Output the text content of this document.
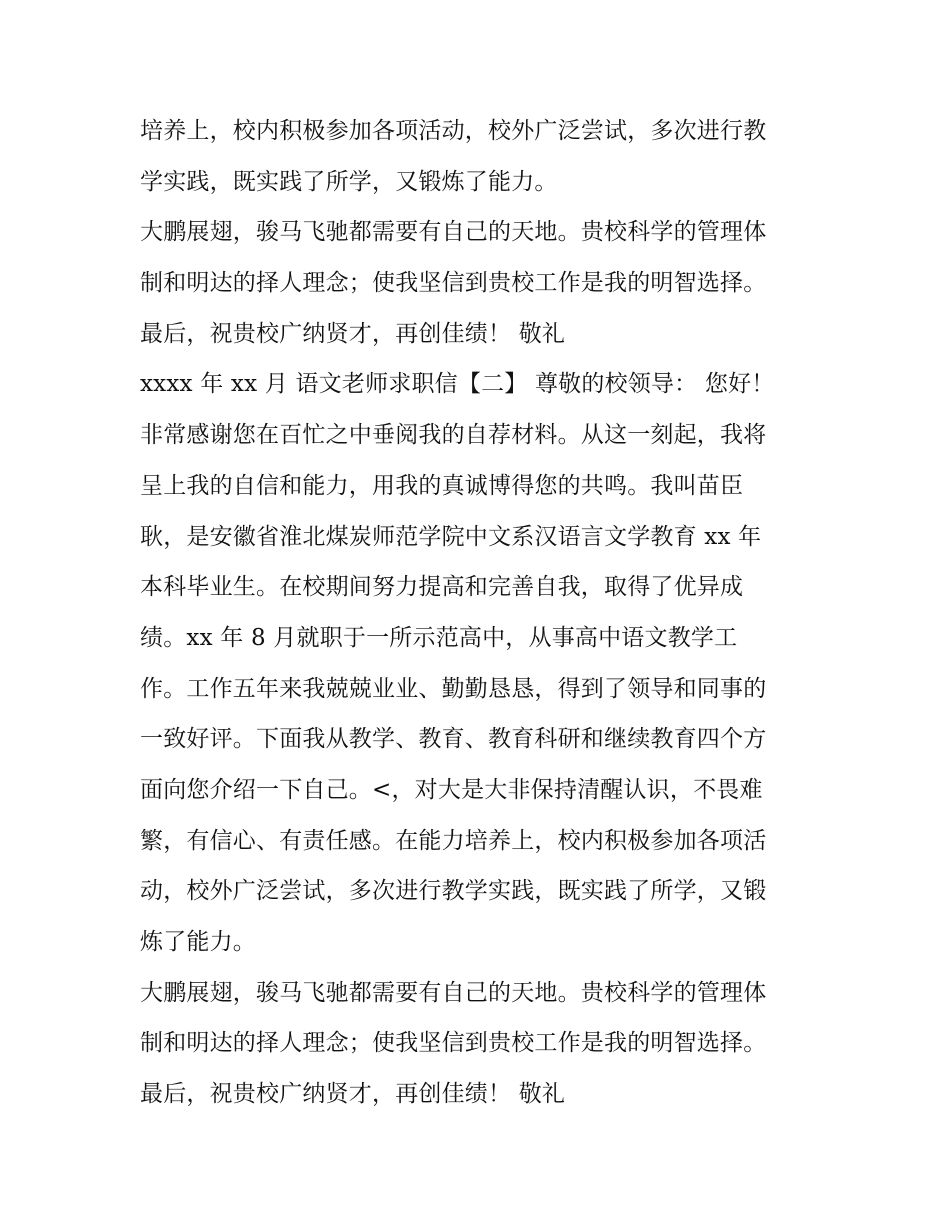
培养上，校内积极参加各项活动，校外广泛尝试，多次进行教
学实践，既实践了所学，又锻炼了能力。
大鹏展翅，骏马飞驰都需要有自己的天地。贵校科学的管理体
制和明达的择人理念；使我坚信到贵校工作是我的明智选择。
最后，祝贵校广纳贤才，再创佳绩！ 敬礼
xxxx 年 xx 月 语文老师求职信【二】 尊敬的校领导： 您好！
非常感谢您在百忙之中垂阅我的自荐材料。从这一刻起，我将
呈上我的自信和能力，用我的真诚博得您的共鸣。我叫苗臣
耿，是安徽省淮北煤炭师范学院中文系汉语言文学教育 xx 年
本科毕业生。在校期间努力提高和完善自我，取得了优异成
绩。xx 年 8 月就职于一所示范高中，从事高中语文教学工
作。工作五年来我兢兢业业、勤勤恳恳，得到了领导和同事的
一致好评。下面我从教学、教育、教育科研和继续教育四个方
面向您介绍一下自己。<，对大是大非保持清醒认识，不畏难
繁，有信心、有责任感。在能力培养上，校内积极参加各项活
动，校外广泛尝试，多次进行教学实践，既实践了所学，又锻
炼了能力。
大鹏展翅，骏马飞驰都需要有自己的天地。贵校科学的管理体
制和明达的择人理念；使我坚信到贵校工作是我的明智选择。
最后，祝贵校广纳贤才，再创佳绩！ 敬礼
